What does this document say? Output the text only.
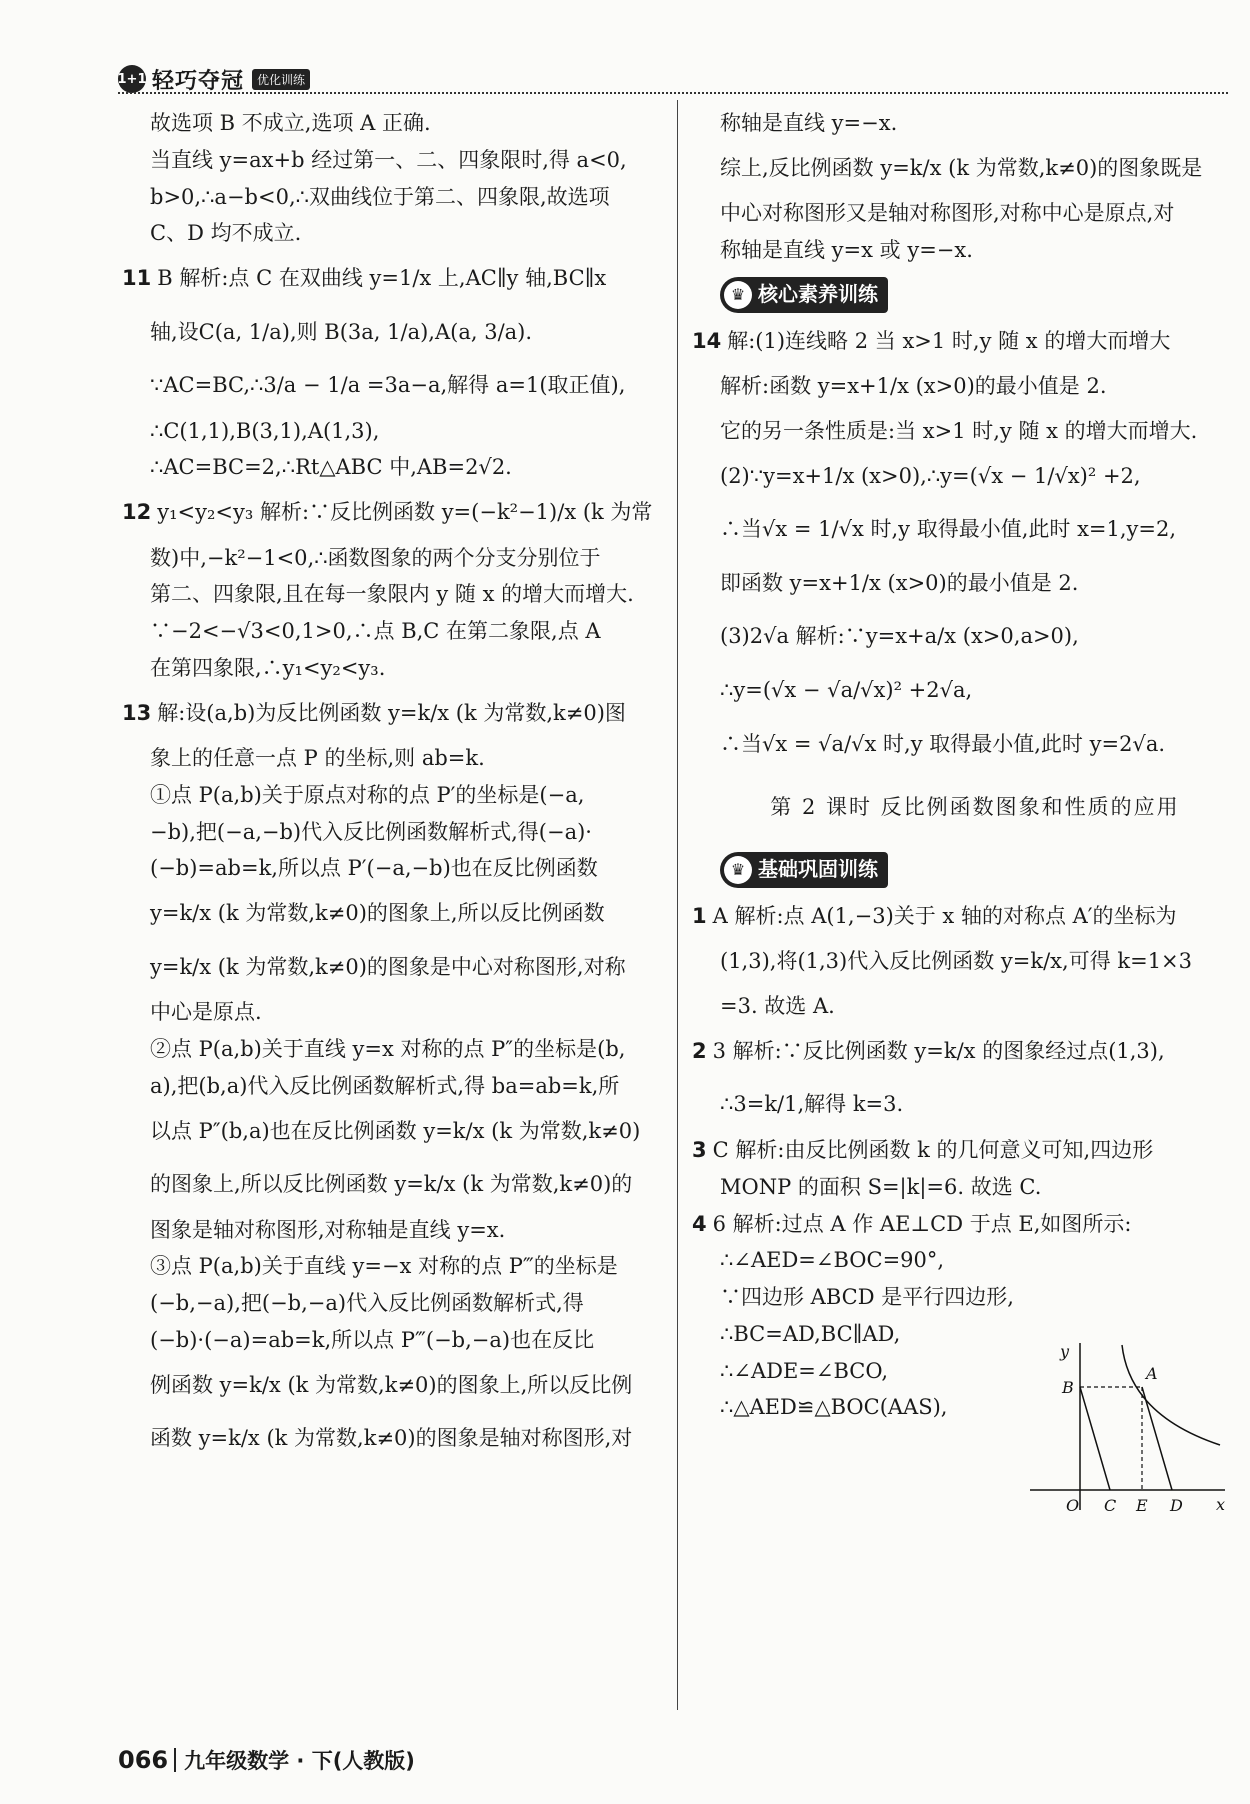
1+1 轻巧夺冠	优化训练
故选项 B 不成立,选项 A 正确.
当直线 y=ax+b 经过第一、二、四象限时,得 a<0,
b>0,∴a−b<0,∴双曲线位于第二、四象限,故选项
C、D 均不成立.
11 B 解析:点 C 在双曲线 y=1/x 上,AC∥y 轴,BC∥x
轴,设C(a, 1/a),则 B(3a, 1/a),A(a, 3/a).
∵AC=BC,∴3/a − 1/a =3a−a,解得 a=1(取正值),
∴C(1,1),B(3,1),A(1,3),
∴AC=BC=2,∴Rt△ABC 中,AB=2√2.
12 y₁<y₂<y₃ 解析:∵反比例函数 y=(−k²−1)/x (k 为常
数)中,−k²−1<0,∴函数图象的两个分支分别位于
第二、四象限,且在每一象限内 y 随 x 的增大而增大.
∵−2<−√3<0,1>0,∴点 B,C 在第二象限,点 A
在第四象限,∴y₁<y₂<y₃.
13 解:设(a,b)为反比例函数 y=k/x (k 为常数,k≠0)图
象上的任意一点 P 的坐标,则 ab=k.
①点 P(a,b)关于原点对称的点 P′的坐标是(−a,
−b),把(−a,−b)代入反比例函数解析式,得(−a)·
(−b)=ab=k,所以点 P′(−a,−b)也在反比例函数
y=k/x (k 为常数,k≠0)的图象上,所以反比例函数
y=k/x (k 为常数,k≠0)的图象是中心对称图形,对称
中心是原点.
②点 P(a,b)关于直线 y=x 对称的点 P″的坐标是(b,
a),把(b,a)代入反比例函数解析式,得 ba=ab=k,所
以点 P″(b,a)也在反比例函数 y=k/x (k 为常数,k≠0)
的图象上,所以反比例函数 y=k/x (k 为常数,k≠0)的
图象是轴对称图形,对称轴是直线 y=x.
③点 P(a,b)关于直线 y=−x 对称的点 P‴的坐标是
(−b,−a),把(−b,−a)代入反比例函数解析式,得
(−b)·(−a)=ab=k,所以点 P‴(−b,−a)也在反比
例函数 y=k/x (k 为常数,k≠0)的图象上,所以反比例
函数 y=k/x (k 为常数,k≠0)的图象是轴对称图形,对
称轴是直线 y=−x.
综上,反比例函数 y=k/x (k 为常数,k≠0)的图象既是
中心对称图形又是轴对称图形,对称中心是原点,对
称轴是直线 y=x 或 y=−x.
♛ 核心素养训练
14 解:(1)连线略 2 当 x>1 时,y 随 x 的增大而增大
解析:函数 y=x+1/x (x>0)的最小值是 2.
它的另一条性质是:当 x>1 时,y 随 x 的增大而增大.
(2)∵y=x+1/x (x>0),∴y=(√x − 1/√x)² +2,
∴当√x = 1/√x 时,y 取得最小值,此时 x=1,y=2,
即函数 y=x+1/x (x>0)的最小值是 2.
(3)2√a 解析:∵y=x+a/x (x>0,a>0),
∴y=(√x − √a/√x)² +2√a,
∴当√x = √a/√x 时,y 取得最小值,此时 y=2√a.
第 2 课时 反比例函数图象和性质的应用
♛ 基础巩固训练
1 A 解析:点 A(1,−3)关于 x 轴的对称点 A′的坐标为
(1,3),将(1,3)代入反比例函数 y=k/x,可得 k=1×3
=3. 故选 A.
2 3 解析:∵反比例函数 y=k/x 的图象经过点(1,3),
∴3=k/1,解得 k=3.
3 C 解析:由反比例函数 k 的几何意义可知,四边形
MONP 的面积 S=|k|=6. 故选 C.
4 6 解析:过点 A 作 AE⊥CD 于点 E,如图所示:
∴∠AED=∠BOC=90°,
∵四边形 ABCD 是平行四边形,
∴BC=AD,BC∥AD,
∴∠ADE=∠BCO,
∴△AED≌△BOC(AAS),
y
x
O
B
A
C E D
066 九年级数学 · 下(人教版)
